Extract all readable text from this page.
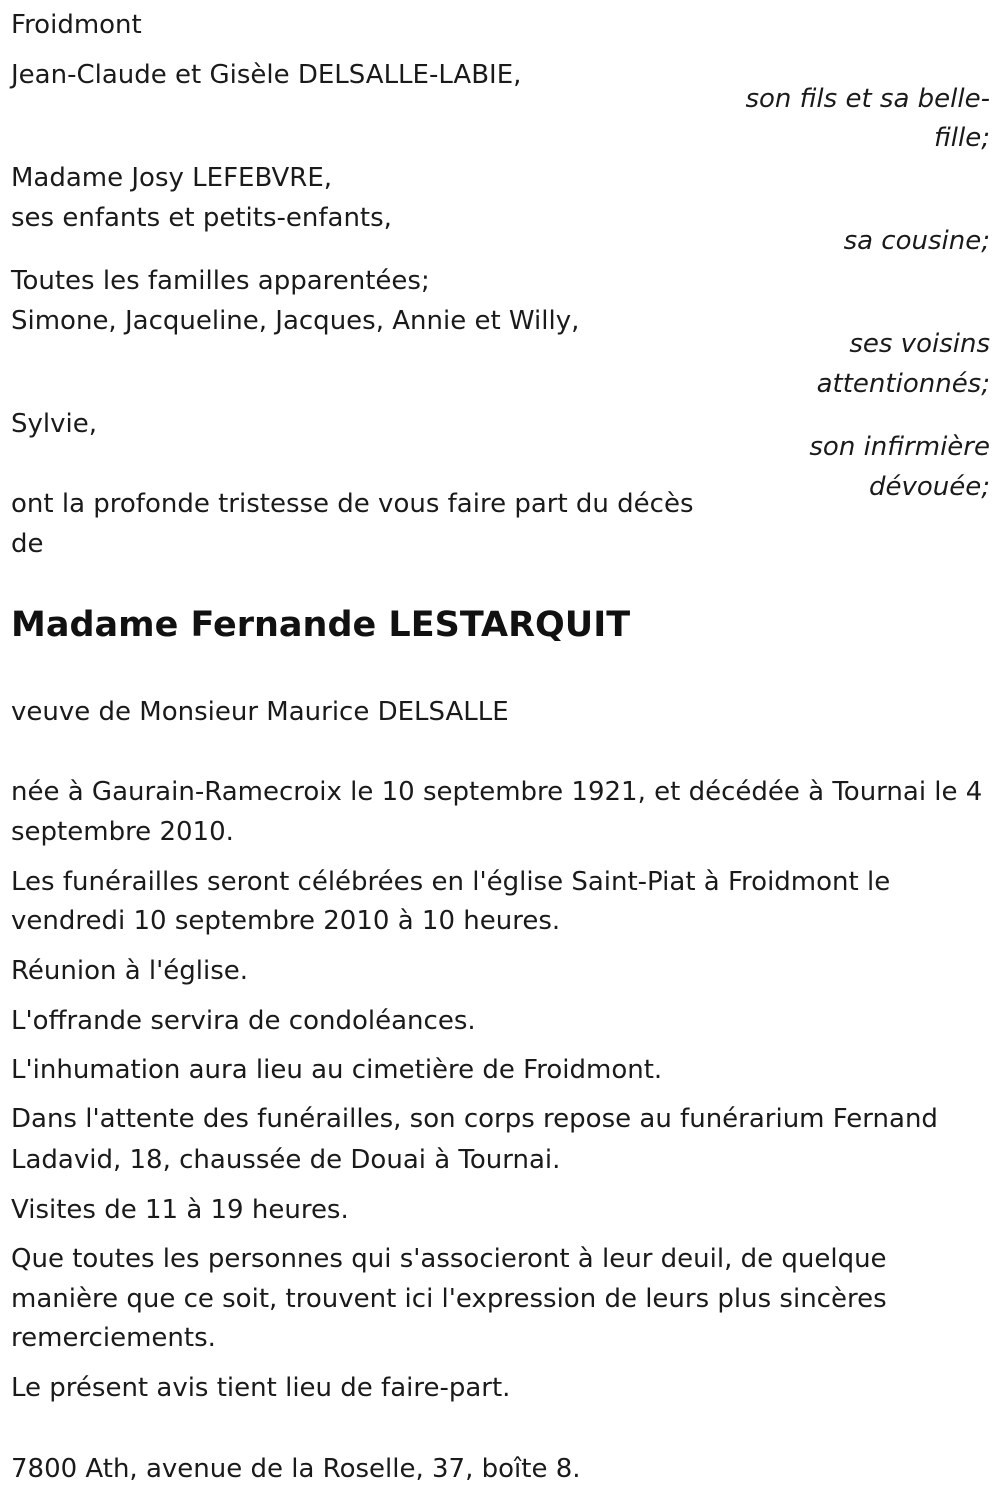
Froidmont

Jean-Claude et Gisèle DELSALLE-LABIE,

son fils et sa belle-

fille;

Madame Josy LEFEBVRE,

ses enfants et petits-enfants,

sa cousine;

Toutes les familles apparentées;

Simone, Jacqueline, Jacques, Annie et Willy,

ses voisins

attentionnés;

Sylvie,

son infirmière

dévouée;

ont la profonde tristesse de vous faire part du décès

de

Madame Fernande LESTARQUIT

veuve de Monsieur Maurice DELSALLE

née à Gaurain-Ramecroix le 10 septembre 1921, et décédée à Tournai le 4

septembre 2010.

Les funérailles seront célébrées en l'église Saint-Piat à Froidmont le

vendredi 10 septembre 2010 à 10 heures.

Réunion à l'église.

L'offrande servira de condoléances.

L'inhumation aura lieu au cimetière de Froidmont.

Dans l'attente des funérailles, son corps repose au funérarium Fernand

Ladavid, 18, chaussée de Douai à Tournai.

Visites de 11 à 19 heures.

Que toutes les personnes qui s'associeront à leur deuil, de quelque

manière que ce soit, trouvent ici l'expression de leurs plus sincères

remerciements.

Le présent avis tient lieu de faire-part.

7800 Ath, avenue de la Roselle, 37, boîte 8.
